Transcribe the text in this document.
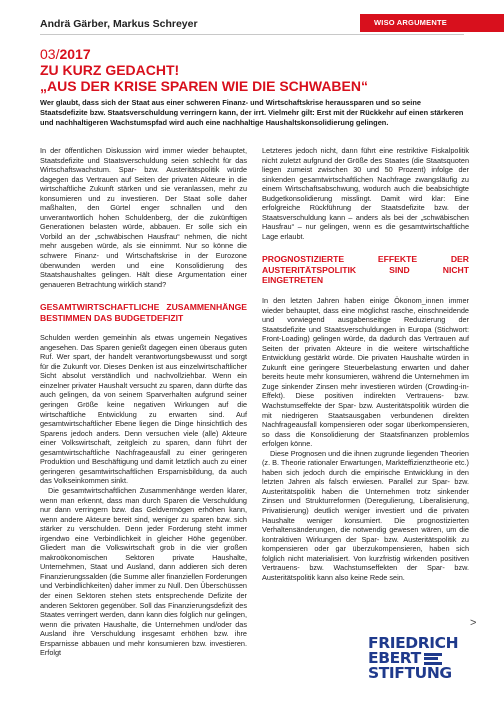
Andrä Gärber, Markus Schreyer	WISO ARGUMENTE
03/2017
ZU KURZ GEDACHT!
„AUS DER KRISE SPAREN WIE DIE SCHWABEN“
Wer glaubt, dass sich der Staat aus einer schweren Finanz- und Wirtschaftskrise heraussparen und so seine Staatsdefizite bzw. Staatsverschuldung verringern kann, der irrt. Vielmehr gilt: Erst mit der Rückkehr auf einen stärkeren und nachhaltigeren Wachstumspfad wird auch eine nachhaltige Haushaltskonsolidierung gelingen.

In der öffentlichen Diskussion wird immer wieder behauptet, Staatsdefizite und Staatsverschuldung seien schlecht für das Wirtschaftswachstum. Spar- bzw. Austeritätspolitik würde dagegen das Vertrauen auf Seiten der privaten Akteure in die wirtschaftliche Zukunft stärken und sie veranlassen, mehr zu konsumieren und zu investieren. Der Staat solle daher maßhalten, den Gürtel enger schnallen und den unverantwortlich hohen Schuldenberg, der die zukünftigen Generationen belasten würde, abbauen. Er solle sich ein Vorbild an der „schwäbischen Hausfrau“ nehmen, die nicht mehr ausgeben würde, als sie einnimmt. Nur so könne die schwere Finanz- und Wirtschaftskrise in der Eurozone überwunden werden und eine Konsolidierung des Staatshaushaltes gelingen. Hält diese Argumentation einer genaueren Betrachtung wirklich stand?

GESAMTWIRTSCHAFTLICHE ZUSAMMENHÄNGE BESTIMMEN DAS BUDGETDEFIZIT

Schulden werden gemeinhin als etwas ungemein Negatives angesehen. Das Sparen genießt dagegen einen überaus guten Ruf. Wer spart, der handelt verantwortungsbewusst und sorgt für die Zukunft vor. Dieses Denken ist aus einzelwirtschaftlicher Sicht absolut verständlich und nachvollziehbar. Wenn ein einzelner privater Haushalt versucht zu sparen, dann dürfte das auch gelingen, da von seinem Sparverhalten aufgrund seiner geringen Größe keine negativen Wirkungen auf die wirtschaftliche Entwicklung zu erwarten sind. Auf gesamtwirtschaftlicher Ebene liegen die Dinge hinsichtlich des Sparens jedoch anders. Denn versuchen viele (alle) Akteure einer Volkswirtschaft, zeitgleich zu sparen, dann führt der gesamtwirtschaftliche Nachfrageausfall zu einer geringeren Produktion und Beschäftigung und damit letztlich auch zu einer geringeren gesamtwirtschaftlichen Ersparnisbildung, da auch das Volkseinkommen sinkt.

Die gesamtwirtschaftlichen Zusammenhänge werden klarer, wenn man erkennt, dass man durch Sparen die Verschuldung nur dann verringern bzw. das Geldvermögen erhöhen kann, wenn andere Akteure bereit sind, weniger zu sparen bzw. sich stärker zu verschulden. Denn jeder Forderung steht immer irgendwo eine Verbindlichkeit in gleicher Höhe gegenüber. Gliedert man die Volkswirtschaft grob in die vier großen makroökonomischen Sektoren private Haushalte, Unternehmen, Staat und Ausland, dann addieren sich deren Finanzierungssalden (die Summe aller finanziellen Forderungen und Verbindlichkeiten) daher immer zu Null. Den Überschüssen der einen Sektoren stehen stets entsprechende Defizite der anderen Sektoren gegenüber. Soll das Finanzierungsdefizit des Staates verringert werden, dann kann dies folglich nur gelingen, wenn die privaten Haushalte, die Unternehmen und/oder das Ausland ihre Verschuldung insgesamt erhöhen bzw. ihre Ersparnisse abbauen und mehr konsumieren bzw. investieren. Erfolgt

Letzteres jedoch nicht, dann führt eine restriktive Fiskalpolitik nicht zuletzt aufgrund der Größe des Staates (die Staatsquoten liegen zumeist zwischen 30 und 50 Prozent) infolge der sinkenden gesamtwirtschaftlichen Nachfrage zwangsläufig zu einem Wirtschaftsabschwung, wodurch auch die beabsichtigte Budgetkonsolidierung misslingt. Damit wird klar: Eine erfolgreiche Rückführung der Staatsdefizite bzw. der Staatsverschuldung kann – anders als bei der „schwäbischen Hausfrau“ – nur gelingen, wenn es die gesamtwirtschaftliche Lage erlaubt.

PROGNOSTIZIERTE EFFEKTE DER AUSTERITÄTSPOLITIK SIND NICHT EINGETRETEN

In den letzten Jahren haben einige Ökonom_innen immer wieder behauptet, dass eine möglichst rasche, einschneidende und vorwiegend ausgabenseitige Reduzierung der Staatsdefizite und Staatsverschuldungen in Europa (Stichwort: Front-Loading) gelingen würde, da dadurch das Vertrauen auf Seiten der privaten Akteure in die weitere wirtschaftliche Entwicklung gestärkt würde. Die privaten Haushalte würden in Zukunft eine geringere Steuerbelastung erwarten und daher bereits heute mehr konsumieren, während die Unternehmen im Zuge sinkender Zinsen mehr investieren würden (Crowding-in-Effekt). Diese positiven indirekten Vertrauens- bzw. Wachstumseffekte der Spar- bzw. Austeritätspolitik würden die mit niedrigeren Staatsausgaben verbundenen direkten Nachfrageausfall kompensieren oder sogar überkompensieren, so dass die Konsolidierung der Staatsfinanzen problemlos erfolgen könne.

Diese Prognosen und die ihnen zugrunde liegenden Theorien (z. B. Theorie rationaler Erwartungen, Markteffizienztheorie etc.) haben sich jedoch durch die empirische Entwicklung in den letzten Jahren als falsch erwiesen. Parallel zur Spar- bzw. Austeritätspolitik haben die Unternehmen trotz sinkender Zinsen und Strukturreformen (Deregulierung, Liberalisierung, Privatisierung) deutlich weniger investiert und die privaten Haushalte weniger konsumiert. Die prognostizierten Verhaltensänderungen, die notwendig gewesen wären, um die kontraktiven Wirkungen der Spar- bzw. Austeritätspolitik zu kompensieren oder gar überzukompensieren, haben sich folglich nicht materialisiert. Von kurzfristig wirkenden positiven Vertrauens- bzw. Wachstumseffekten der Spar- bzw. Austeritätspolitik kann also keine Rede sein.

>
FRIEDRICH
EBERT
STIFTUNG
